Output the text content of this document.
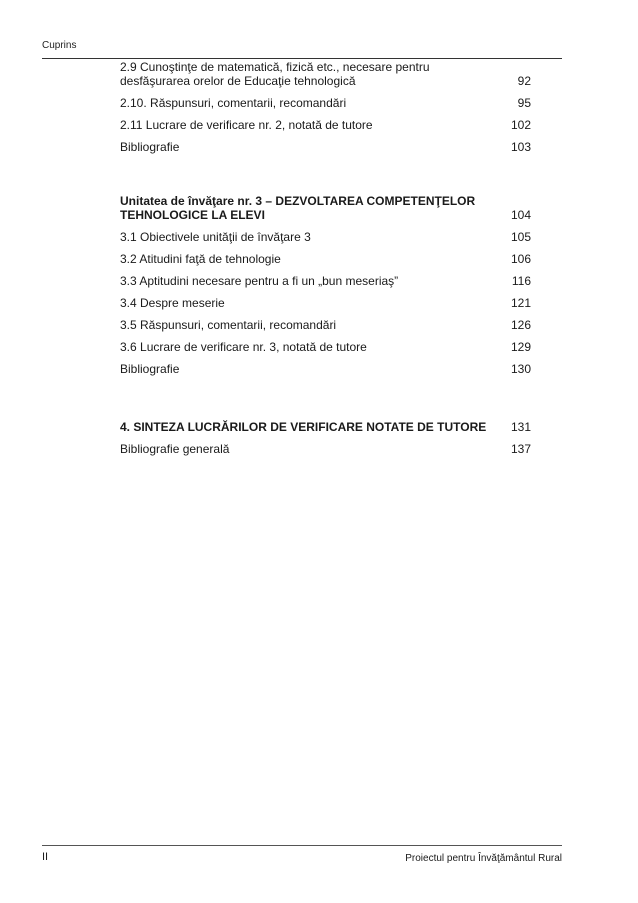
Cuprins
2.9 Cunoştinţe de matematică, fizică etc., necesare pentru desfăşurarea orelor de Educaţie tehnologică	92
2.10. Răspunsuri, comentarii, recomandări	95
2.11 Lucrare de verificare nr. 2, notată de tutore	102
Bibliografie	103
Unitatea de învăţare nr. 3 – DEZVOLTAREA COMPETENŢELOR TEHNOLOGICE LA ELEVI	104
3.1 Obiectivele unităţii de învăţare 3	105
3.2 Atitudini faţă de tehnologie	106
3.3 Aptitudini necesare pentru a fi un „bun meseriaş”	116
3.4 Despre meserie	121
3.5 Răspunsuri, comentarii, recomandări	126
3.6 Lucrare de verificare nr. 3, notată de tutore	129
Bibliografie	130
4. SINTEZA LUCRĂRILOR DE VERIFICARE NOTATE DE TUTORE	131
Bibliografie generală	137
II	Proiectul pentru Învăţământul Rural
